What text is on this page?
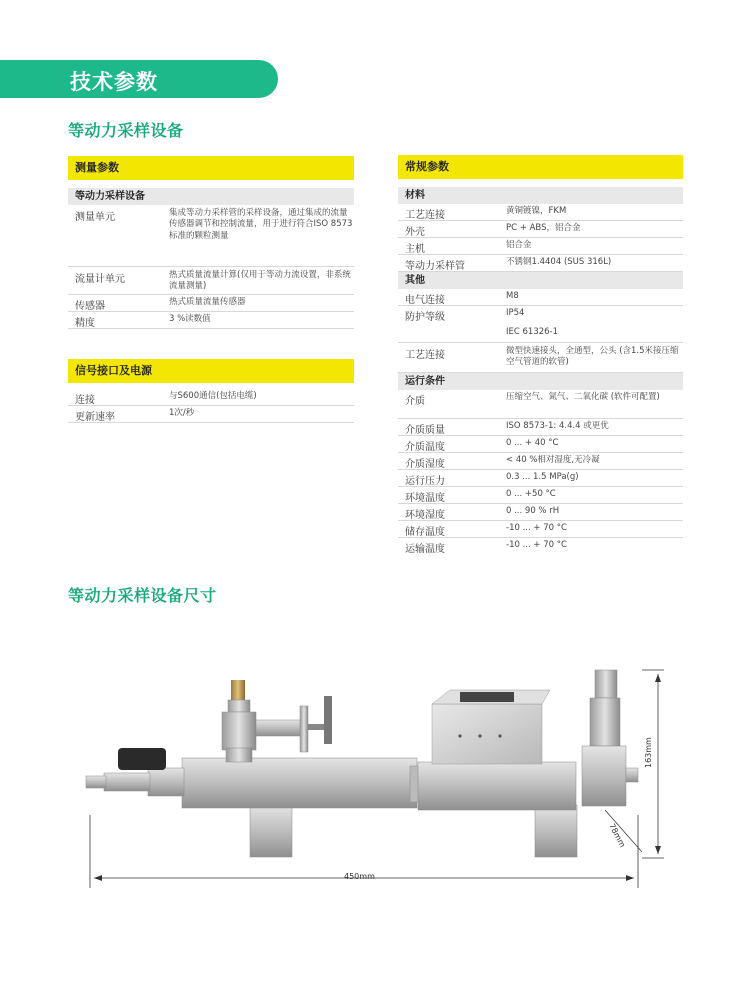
技术参数
等动力采样设备
测量参数
等动力采样设备
测量单元	集成等动力采样管的采样设备，通过集成的流量传感器调节和控制流量，用于进行符合ISO 8573标准的颗粒测量
流量计单元	热式质量流量计算(仅用于等动力流设置，非系统流量测量)
传感器	热式质量流量传感器
精度	3 %读数值
信号接口及电源
连接	与S600通信(包括电缆)
更新速率	1次/秒
常规参数
材料
工艺连接	黄铜镀镍，FKM
外壳	PC + ABS，铝合金
主机	铝合金
等动力采样管	不锈钢1.4404 (SUS 316L)
其他
电气连接	M8
防护等级	IP54
IEC 61326-1
工艺连接	微型快速接头，全通型，公头 (含1.5米接压缩空气管道的软管)
运行条件
介质	压缩空气、氮气、二氧化碳 (软件可配置)
介质质量	ISO 8573-1: 4.4.4 或更优
介质温度	0 ... + 40 °C
介质湿度	< 40 %相对湿度,无冷凝
运行压力	0.3 ... 1.5 MPa(g)
环境温度	0 ... +50 °C
环境湿度	0 ... 90 % rH
储存温度	-10 ... + 70 °C
运输温度	-10 ... + 70 °C
等动力采样设备尺寸
450mm
163mm
78mm
